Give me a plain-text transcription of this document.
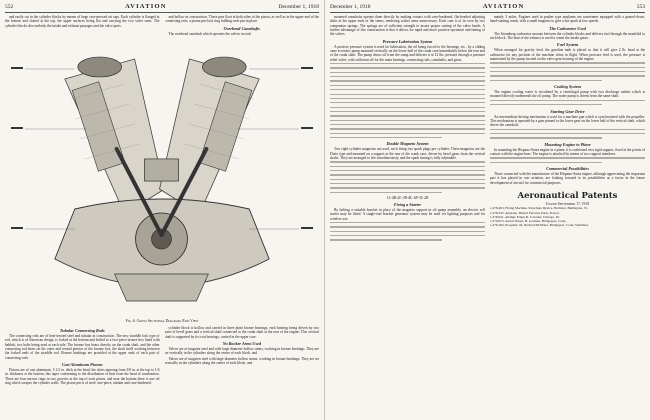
552	AVIATION	December 1, 1918

and easily cut in the cylinder blocks by means of large case-pressed air taps. Each cylinder is flanged at the bottom and slotted at the top, the upper surfaces being flat and carrying the two valve seats. The cylinder blocks also embody the intake and exhaust passages and the valve ports.

and hollow in construction. These pins float in both sides of the piston, as well as in the upper end of the connecting rods, a piston pin-lock ring holding each pin in place.

Overhead Camshafts

The overhead camshaft which operates the valves in each

Fig. 6. Cross Sectional Diagram, End View
Tubular Connecting Rods

The connecting rods are of heat-treated steel and tubular in construction. The new straddle fork type of rod, which is of American design, is forked at the bottom and bolted to a two-piece bronze box lined with babbitt, two bolts being used at each side. The bronze box bears directly on the crank shaft, and the other connecting rod bears on the outer and central portion of the bronze box, the shaft itself working between the forked ends of the straddle rod. Bronze bushings are provided at the upper ends of each pair of connecting rods.

Cast Aluminum Pistons

Pistons are of cast aluminum, 5 1/2 in. thick at the head, the skirts tapering from 3/8 in. at the top to 1/4 in. thickness at the bottom, this taper conforming to the distribution of heat from the head of combustion. There are four narrow rings in two grooves at the top of each piston, and near the bottom there is one oil ring which scrapes the cylinder walls. The piston pin is of steel, one-piece, tubular and case-hardened.

cylinder block is hollow and carried in three plain bronze bearings, each bearing being driven by two pairs of bevel gears and a vertical shaft connected to the crank shaft at the rear of the engine. This vertical shaft is supported by its own bearings, carried in the upper case.

No Rocker Arms Used

Valves are of tungsten steel and with large diameter hollow stems, working in bronze bushings. They are set vertically in the cylinders along the center of each block, and

Valves are of tungsten steel with large diameter hollow stems, working in bronze bushings. They are set vertically in the cylinders along the center of each block, and

December 1, 1918	AVIATION	553

mounted camshafts operate them directly by making contact with case-hardened, flat-headed adjusting disks at the upper ends of the stems, rendering rocker arms unnecessary. Each cam is of its own by two companion springs. The springs are of sufficient strength to insure proper seating of the valve heads. A further advantage of this construction is that it allows for rapid and more positive operation and timing of the valves.

Pressure Lubrication System

A positive pressure system is used for lubrication, the oil being forced to the bearings, etc., by a sliding vane eccentric pump mounted vertically on the lower half of the crank case immediately below the rear end of the crank shaft. The pump draws oil from the sump and delivers it at 12 lbs. pressure through a pressure relief valve, with sufficient oil for the main bearings, connecting rods, camshafts, and gears.

Double Magneto System

Two right-cylinder magnetos are used, each firing two spark plugs per cylinder. These magnetos are the Dixie type and mounted on a support at the rear of the crank case, driven by bevel gears from the vertical shafts. They are arranged to fire simultaneously, and the spark timing is fully adjustable.

1L-4R-2L-3R-4L-1R-3L-2R
Firing a Starter

By bolting a suitable bracket in place of the magneto support in oil pump assembly, an electric self starter may be fitted. A single-end bracket generator system may be used for lighting purposes and for wireless use.

mainly 3 miles. Engines used in pusher type airplanes are sometimes equipped with a geared-down, hand-starting crank, with a small magneto to give a hot spark at low speeds.

The Carburetor Used

The Stromberg carburetor mounts between the cylinder blocks and delivers fuel through the manifold to each block. The heat of the exhaust is used to warm the intake gases.

Fuel System

When arranged for gravity feed, the gasoline tank is placed so that it will give 2 lb. head at the carburetor for any position of the machine when in flight. When pressure feed is used, the pressure is maintained by the pump located on the valve gear housing of the engine.

Cooling System

The engine cooling water is circulated by a centrifugal pump with two discharge outlets which is mounted directly underneath the oil pump. The water pump is driven from the same shaft.

Starting Gear Drive

An intermediate driving mechanism is used for a machine gun which is synchronized with the propeller. This mechanism is operated by a gear pinned to the lower gear on the lower half of the vertical shaft, which drives the camshaft.

Mounting Engine to Plane

In mounting the Hispano-Suiza engine in a plane, it is cushioned on a rigid support, fixed at the points of contact with the engine base. The engine is attached by means of two support members.

Commercial Possibilities

Those connected with the manufacture of the Hispano-Suiza engine, although appreciating the important part it has played in war aviation, are looking forward to its possibilities as a factor in the future development of aircraft for commercial purposes.

Aeronautical Patents
Issued September 17, 1918

1,278,463. Flying Machine. Parachute Device. Hollister, Burlington, Vt.

1,278,545. Airplane. Hubert Ferrand, Paris, France.

1,278,641. Airship. Edgar R. Cavalier, Chicago, Ill.

1,279,053. Aerial Vessel. H. Gorman, Bridgeport, Conn.

1,279,182. Propeller. M. Richard McMann, Bridgeport, Conn. Stabilizer.
